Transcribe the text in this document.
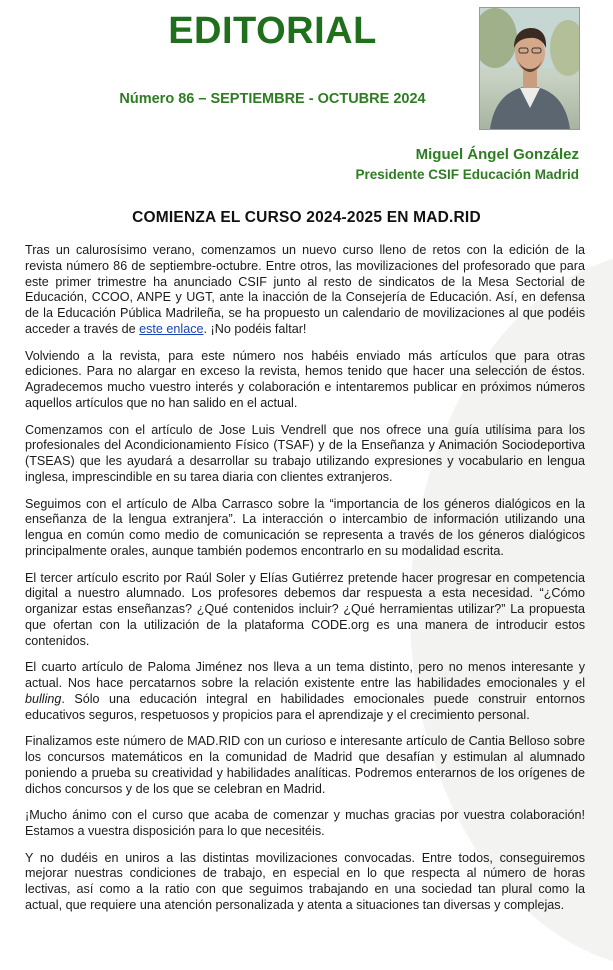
EDITORIAL
Número 86 – SEPTIEMBRE - OCTUBRE 2024
Miguel Ángel González
Presidente CSIF Educación Madrid
COMIENZA EL CURSO 2024-2025 EN MAD.RID

Tras un calurosísimo verano, comenzamos un nuevo curso lleno de retos con la edición de la revista número 86 de septiembre-octubre. Entre otros, las movilizaciones del profesorado que para este primer trimestre ha anunciado CSIF junto al resto de sindicatos de la Mesa Sectorial de Educación, CCOO, ANPE y UGT, ante la inacción de la Consejería de Educación. Así, en defensa de la Educación Pública Madrileña, se ha propuesto un calendario de movilizaciones al que podéis acceder a través de este enlace. ¡No podéis faltar!

Volviendo a la revista, para este número nos habéis enviado más artículos que para otras ediciones. Para no alargar en exceso la revista, hemos tenido que hacer una selección de éstos. Agradecemos mucho vuestro interés y colaboración e intentaremos publicar en próximos números aquellos artículos que no han salido en el actual.

Comenzamos con el artículo de Jose Luis Vendrell que nos ofrece una guía utilísima para los profesionales del Acondicionamiento Físico (TSAF) y de la Enseñanza y Animación Sociodeportiva (TSEAS) que les ayudará a desarrollar su trabajo utilizando expresiones y vocabulario en lengua inglesa, imprescindible en su tarea diaria con clientes extranjeros.

Seguimos con el artículo de Alba Carrasco sobre la “importancia de los géneros dialógicos en la enseñanza de la lengua extranjera”. La interacción o intercambio de información utilizando una lengua en común como medio de comunicación se representa a través de los géneros dialógicos principalmente orales, aunque también podemos encontrarlo en su modalidad escrita.

El tercer artículo escrito por Raúl Soler y Elías Gutiérrez pretende hacer progresar en competencia digital a nuestro alumnado. Los profesores debemos dar respuesta a esta necesidad. “¿Cómo organizar estas enseñanzas? ¿Qué contenidos incluir? ¿Qué herramientas utilizar?” La propuesta que ofertan con la utilización de la plataforma CODE.org es una manera de introducir estos contenidos.

El cuarto artículo de Paloma Jiménez nos lleva a un tema distinto, pero no menos interesante y actual. Nos hace percatarnos sobre la relación existente entre las habilidades emocionales y el bulling. Sólo una educación integral en habilidades emocionales puede construir entornos educativos seguros, respetuosos y propicios para el aprendizaje y el crecimiento personal.

Finalizamos este número de MAD.RID con un curioso e interesante artículo de Cantia Belloso sobre los concursos matemáticos en la comunidad de Madrid que desafían y estimulan al alumnado poniendo a prueba su creatividad y habilidades analíticas. Podremos enterarnos de los orígenes de dichos concursos y de los que se celebran en Madrid.

¡Mucho ánimo con el curso que acaba de comenzar y muchas gracias por vuestra colaboración! Estamos a vuestra disposición para lo que necesitéis.

Y no dudéis en uniros a las distintas movilizaciones convocadas. Entre todos, conseguiremos mejorar nuestras condiciones de trabajo, en especial en lo que respecta al número de horas lectivas, así como a la ratio con que seguimos trabajando en una sociedad tan plural como la actual, que requiere una atención personalizada y atenta a situaciones tan diversas y complejas.
